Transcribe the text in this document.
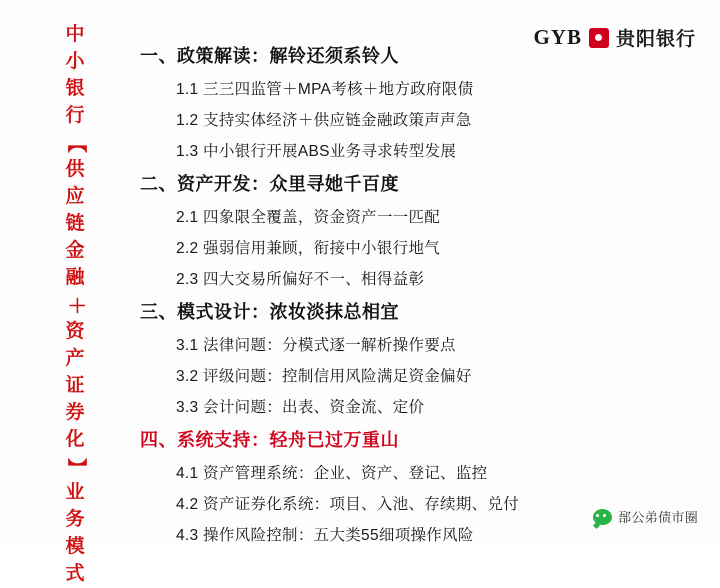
中
小
银
行
【
供
应
链
金
融
＋
资
产
证
券
化
】
业
务
模
式
GYB 贵阳银行
一、政策解读：解铃还须系铃人
1.1 三三四监管＋MPA考核＋地方政府限债
1.2 支持实体经济＋供应链金融政策声声急
1.3 中小银行开展ABS业务寻求转型发展
二、资产开发：众里寻她千百度
2.1 四象限全覆盖，资金资产一一匹配
2.2 强弱信用兼顾，衔接中小银行地气
2.3 四大交易所偏好不一、相得益彰
三、模式设计：浓妆淡抹总相宜
3.1 法律问题：分模式逐一解析操作要点
3.2 评级问题：控制信用风险满足资金偏好
3.3 会计问题：出表、资金流、定价
四、系统支持：轻舟已过万重山
4.1 资产管理系统：企业、资产、登记、监控
4.2 资产证券化系统：项目、入池、存续期、兑付
4.3 操作风险控制：五大类55细项操作风险
郚公弟债市圈
